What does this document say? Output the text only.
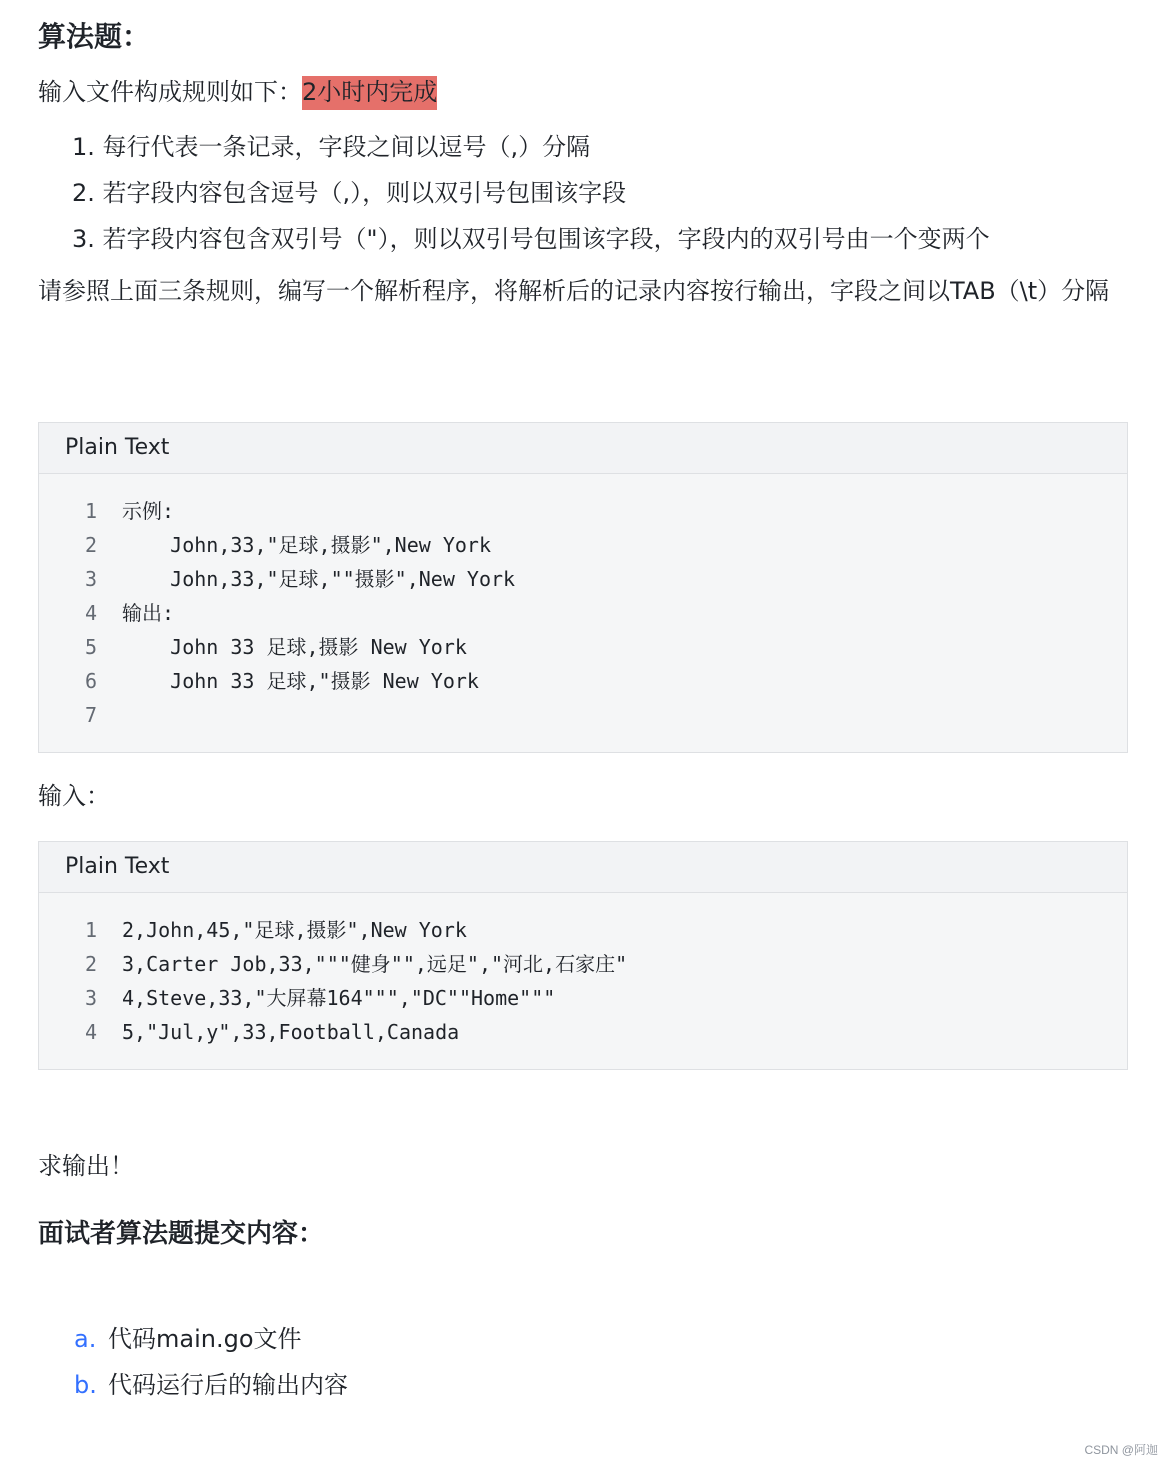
算法题：
输入文件构成规则如下：2小时内完成
1. 每行代表一条记录，字段之间以逗号（,）分隔
2. 若字段内容包含逗号（,），则以双引号包围该字段
3. 若字段内容包含双引号（"），则以双引号包围该字段，字段内的双引号由一个变两个
请参照上面三条规则，编写一个解析程序，将解析后的记录内容按行输出，字段之间以TAB（\t）分隔
Plain Text
1	示例:
2	John,33,"足球,摄影",New York
3	John,33,"足球,""摄影",New York
4	输出:
5	John 33 足球,摄影 New York
6	John 33 足球,"摄影 New York
7
输入：
Plain Text
1	2,John,45,"足球,摄影",New York
2	3,Carter Job,33,"""健身"",远足","河北,石家庄"
3	4,Steve,33,"大屏幕164""","DC""Home"""
4	5,"Jul,y",33,Football,Canada
求输出！
面试者算法题提交内容：
a. 代码main.go文件
b. 代码运行后的输出内容
CSDN @阿迦
